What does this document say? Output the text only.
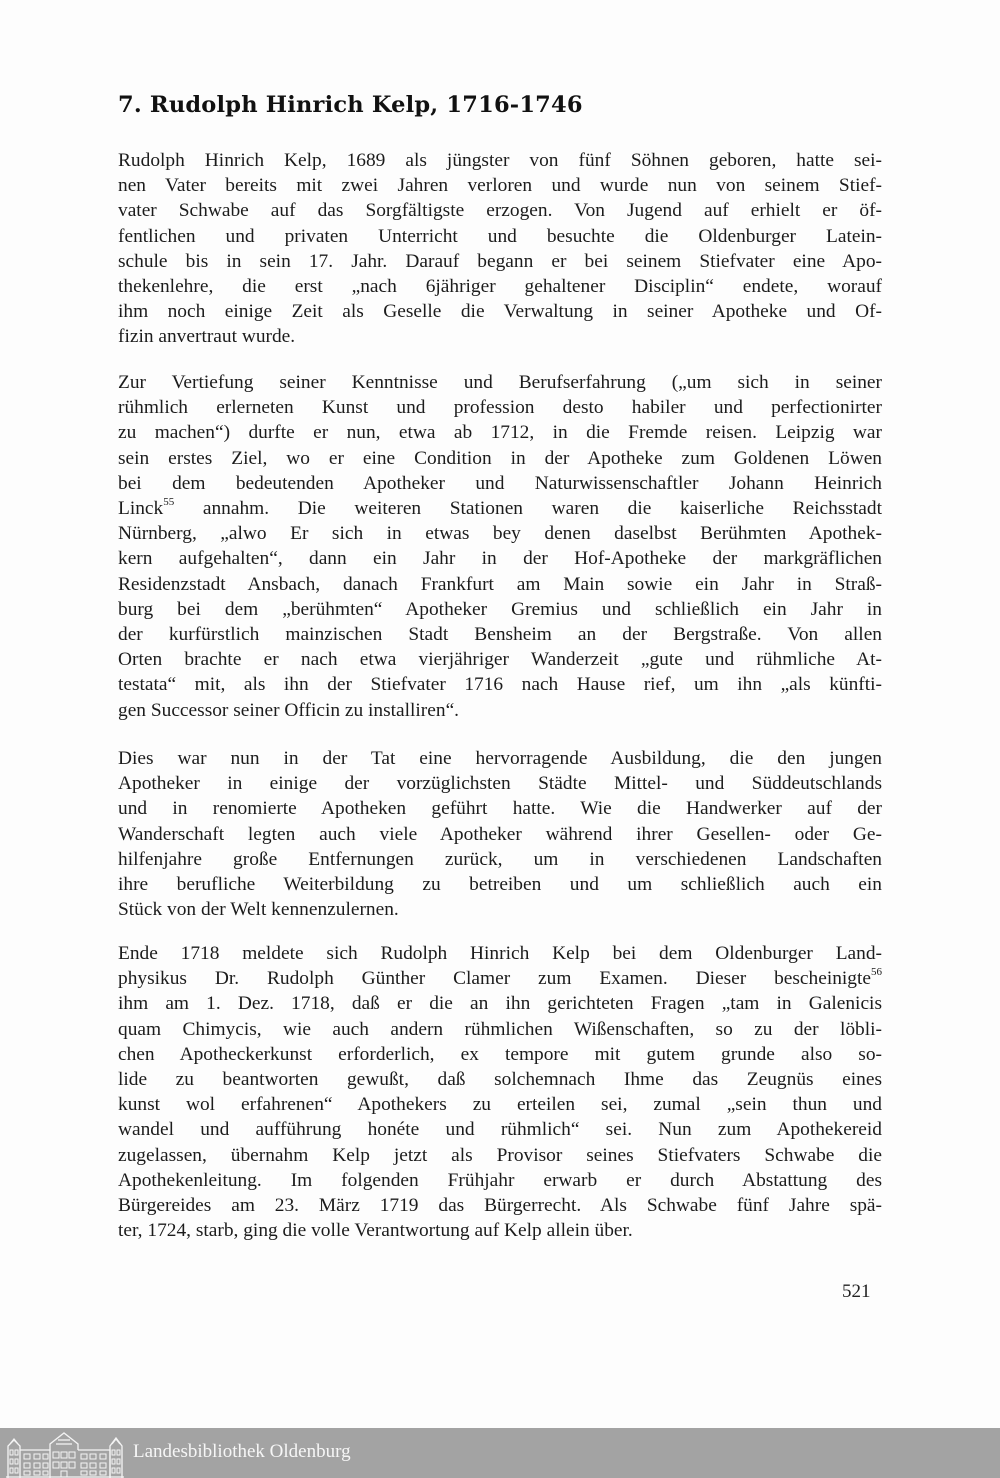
7. Rudolph Hinrich Kelp, 1716-1746

Rudolph Hinrich Kelp, 1689 als jüngster von fünf Söhnen geboren, hatte sei-
nen Vater bereits mit zwei Jahren verloren und wurde nun von seinem Stief-
vater Schwabe auf das Sorgfältigste erzogen. Von Jugend auf erhielt er öf-
fentlichen und privaten Unterricht und besuchte die Oldenburger Latein-
schule bis in sein 17. Jahr. Darauf begann er bei seinem Stiefvater eine Apo-
thekenlehre, die erst „nach 6jähriger gehaltener Disciplin“ endete, worauf
ihm noch einige Zeit als Geselle die Verwaltung in seiner Apotheke und Of-
fizin anvertraut wurde.

Zur Vertiefung seiner Kenntnisse und Berufserfahrung („um sich in seiner
rühmlich erlerneten Kunst und profession desto habiler und perfectionirter
zu machen“) durfte er nun, etwa ab 1712, in die Fremde reisen. Leipzig war
sein erstes Ziel, wo er eine Condition in der Apotheke zum Goldenen Löwen
bei dem bedeutenden Apotheker und Naturwissenschaftler Johann Heinrich
Linck$^{55}$ annahm. Die weiteren Stationen waren die kaiserliche Reichsstadt
Nürnberg, „alwo Er sich in etwas bey denen daselbst Berühmten Apothek-
kern aufgehalten“, dann ein Jahr in der Hof-Apotheke der markgräflichen
Residenzstadt Ansbach, danach Frankfurt am Main sowie ein Jahr in Straß-
burg bei dem „berühmten“ Apotheker Gremius und schließlich ein Jahr in
der kurfürstlich mainzischen Stadt Bensheim an der Bergstraße. Von allen
Orten brachte er nach etwa vierjähriger Wanderzeit „gute und rühmliche At-
testata“ mit, als ihn der Stiefvater 1716 nach Hause rief, um ihn „als künfti-
gen Successor seiner Officin zu installiren“.

Dies war nun in der Tat eine hervorragende Ausbildung, die den jungen
Apotheker in einige der vorzüglichsten Städte Mittel- und Süddeutschlands
und in renomierte Apotheken geführt hatte. Wie die Handwerker auf der
Wanderschaft legten auch viele Apotheker während ihrer Gesellen- oder Ge-
hilfenjahre große Entfernungen zurück, um in verschiedenen Landschaften
ihre berufliche Weiterbildung zu betreiben und um schließlich auch ein
Stück von der Welt kennenzulernen.

Ende 1718 meldete sich Rudolph Hinrich Kelp bei dem Oldenburger Land-
physikus Dr. Rudolph Günther Clamer zum Examen. Dieser bescheinigte$^{56}$
ihm am 1. Dez. 1718, daß er die an ihn gerichteten Fragen „tam in Galenicis
quam Chimycis, wie auch andern rühmlichen Wißenschaften, so zu der löbli-
chen Apotheckerkunst erforderlich, ex tempore mit gutem grunde also so-
lide zu beantworten gewußt, daß solchemnach Ihme das Zeugnüs eines
kunst wol erfahrenen“ Apothekers zu erteilen sei, zumal „sein thun und
wandel und aufführung honéte und rühmlich“ sei. Nun zum Apothekereid
zugelassen, übernahm Kelp jetzt als Provisor seines Stiefvaters Schwabe die
Apothekenleitung. Im folgenden Frühjahr erwarb er durch Abstattung des
Bürgereides am 23. März 1719 das Bürgerrecht. Als Schwabe fünf Jahre spä-
ter, 1724, starb, ging die volle Verantwortung auf Kelp allein über.

521
Landesbibliothek Oldenburg
